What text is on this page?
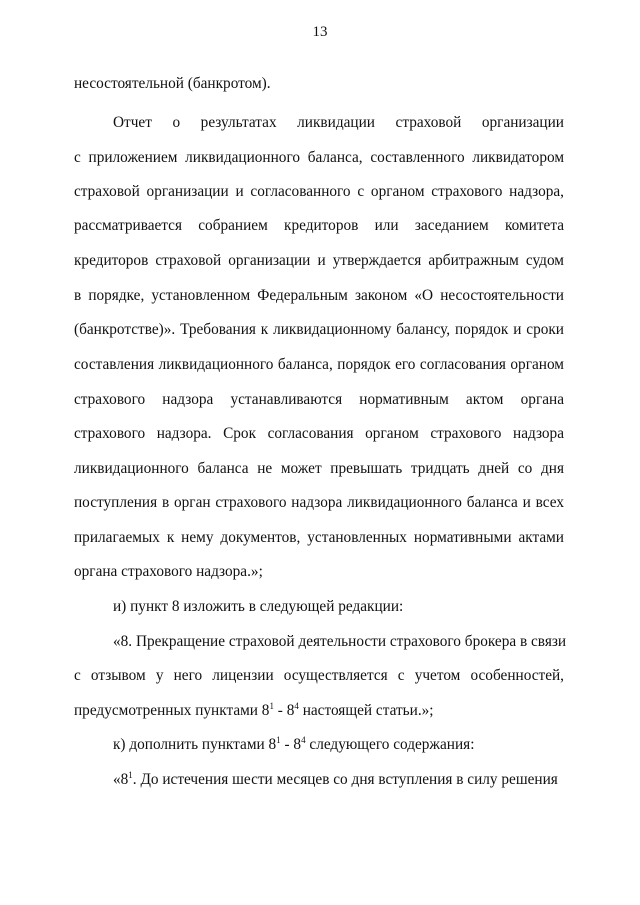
13
несостоятельной (банкротом).
Отчет о результатах ликвидации страховой организации
с приложением ликвидационного баланса, составленного ликвидатором
страховой организации и согласованного с органом страхового надзора,
рассматривается собранием кредиторов или заседанием комитета
кредиторов страховой организации и утверждается арбитражным судом
в порядке, установленном Федеральным законом «О несостоятельности
(банкротстве)». Требования к ликвидационному балансу, порядок и сроки
составления ликвидационного баланса, порядок его согласования органом
страхового надзора устанавливаются нормативным актом органа
страхового надзора. Срок согласования органом страхового надзора
ликвидационного баланса не может превышать тридцать дней со дня
поступления в орган страхового надзора ликвидационного баланса и всех
прилагаемых к нему документов, установленных нормативными актами
органа страхового надзора.»;
и) пункт 8 изложить в следующей редакции:
«8. Прекращение страховой деятельности страхового брокера в связи
с отзывом у него лицензии осуществляется с учетом особенностей,
предусмотренных пунктами $8^1 - 8^4$ настоящей статьи.»;
к) дополнить пунктами $8^1 - 8^4$ следующего содержания:
«$8^1$. До истечения шести месяцев со дня вступления в силу решения
